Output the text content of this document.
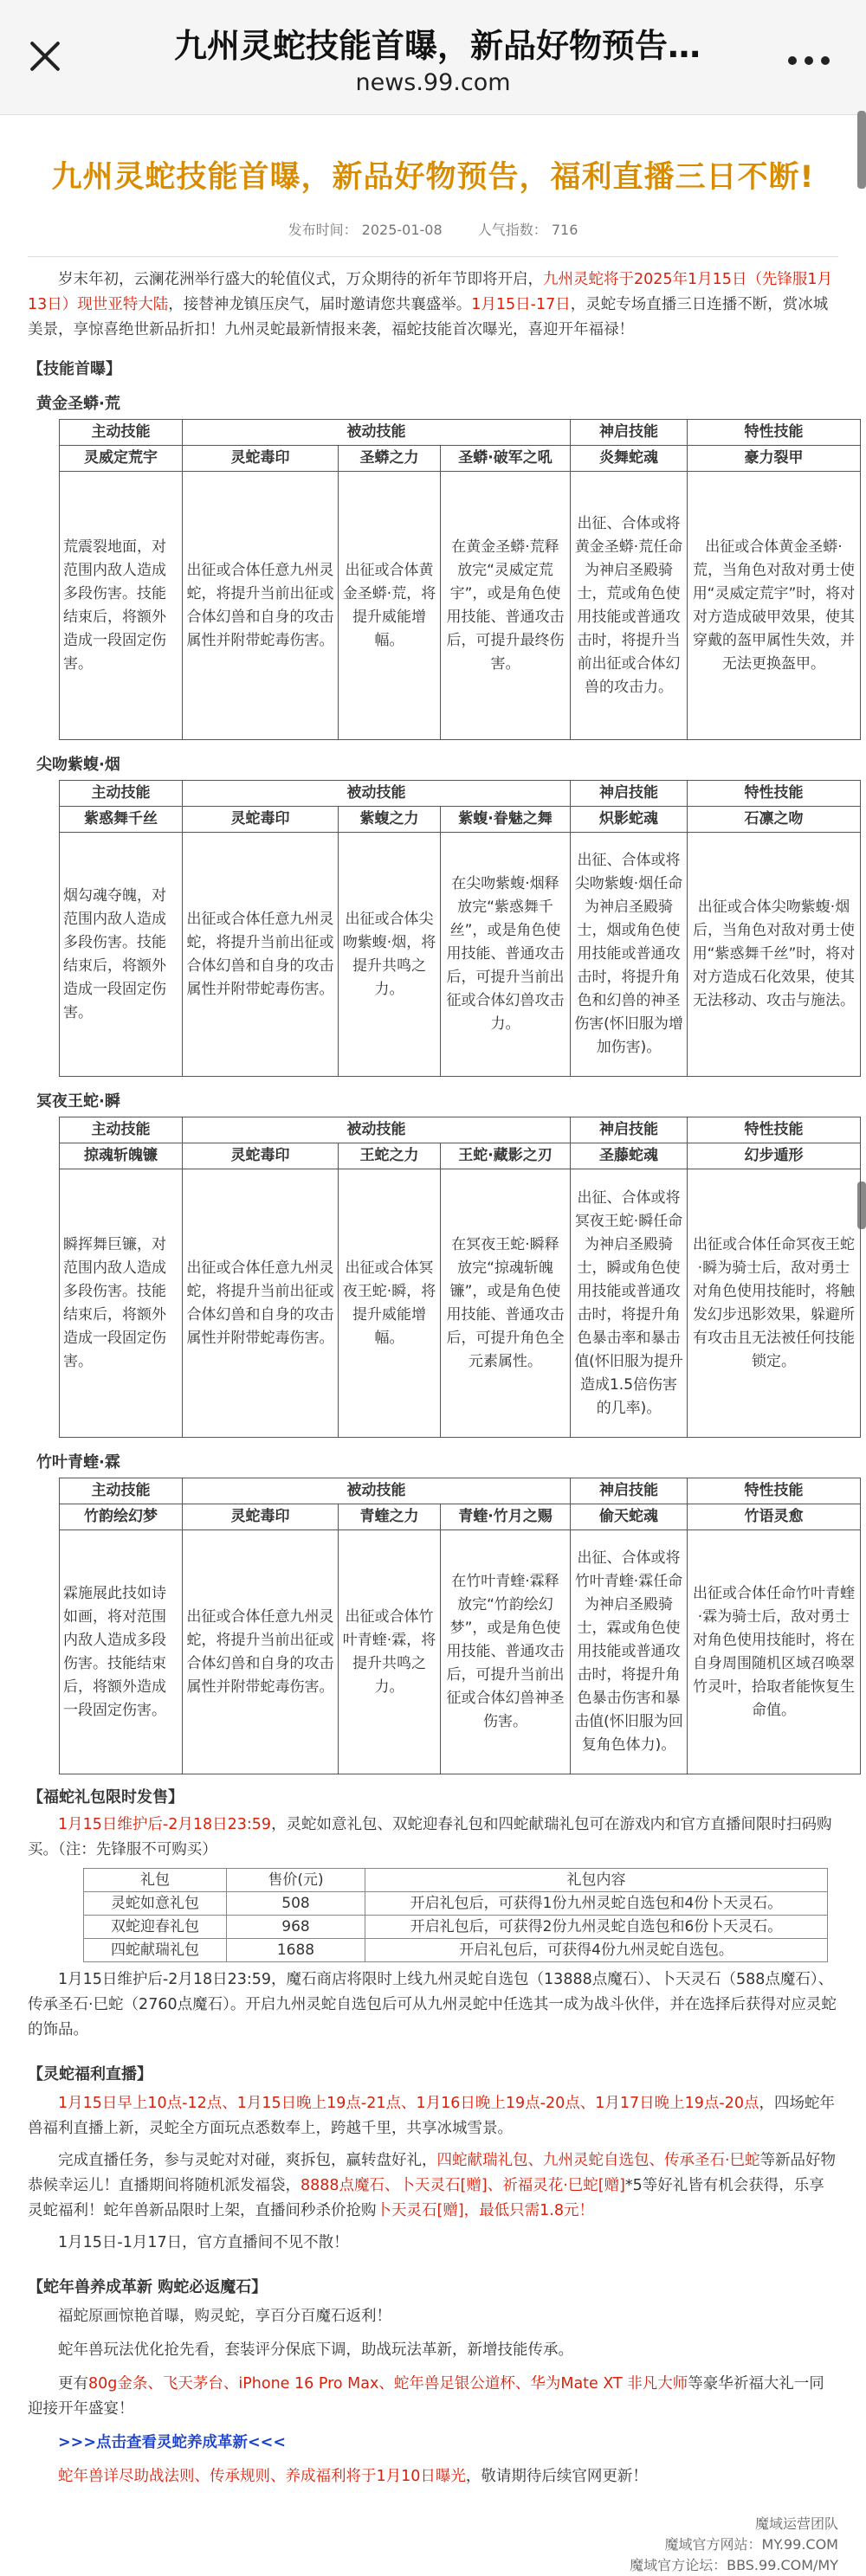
九州灵蛇技能首曝，新品好物预告…
news.99.com
九州灵蛇技能首曝，新品好物预告，福利直播三日不断!
发布时间： 2025-01-08	人气指数： 716

岁末年初，云澜花洲举行盛大的轮值仪式，万众期待的祈年节即将开启，九州灵蛇将于2025年1月15日（先锋服1月13日）现世亚特大陆，接替神龙镇压戾气，届时邀请您共襄盛举。1月15日-17日，灵蛇专场直播三日连播不断，赏冰城美景，享惊喜绝世新品折扣！九州灵蛇最新情报来袭，福蛇技能首次曝光，喜迎开年福禄！

【技能首曝】
黄金圣蟒·荒
主动技能	被动技能			神启技能	特性技能
灵威定荒宇	灵蛇毒印	圣蟒之力	圣蟒·破军之吼	炎舞蛇魂	豪力裂甲
荒震裂地面，对范围内敌人造成多段伤害。技能结束后，将额外造成一段固定伤害。	出征或合体任意九州灵蛇，将提升当前出征或合体幻兽和自身的攻击属性并附带蛇毒伤害。	出征或合体黄金圣蟒·荒，将提升威能增幅。	在黄金圣蟒·荒释放完“灵威定荒宇”，或是角色使用技能、普通攻击后，可提升最终伤害。	出征、合体或将黄金圣蟒·荒任命为神启圣殿骑士，荒或角色使用技能或普通攻击时，将提升当前出征或合体幻兽的攻击力。	出征或合体黄金圣蟒·荒，当角色对敌对勇士使用“灵威定荒宇”时，将对对方造成破甲效果，使其穿戴的盔甲属性失效，并无法更换盔甲。
尖吻紫蝮·烟
主动技能	被动技能			神启技能	特性技能
紫惑舞千丝	灵蛇毒印	紫蝮之力	紫蝮·眷魅之舞	炽影蛇魂	石凛之吻
烟勾魂夺魄，对范围内敌人造成多段伤害。技能结束后，将额外造成一段固定伤害。	出征或合体任意九州灵蛇，将提升当前出征或合体幻兽和自身的攻击属性并附带蛇毒伤害。	出征或合体尖吻紫蝮·烟，将提升共鸣之力。	在尖吻紫蝮·烟释放完“紫惑舞千丝”，或是角色使用技能、普通攻击后，可提升当前出征或合体幻兽攻击力。	出征、合体或将尖吻紫蝮·烟任命为神启圣殿骑士，烟或角色使用技能或普通攻击时，将提升角色和幻兽的神圣伤害(怀旧服为增加伤害)。	出征或合体尖吻紫蝮·烟后，当角色对敌对勇士使用“紫惑舞千丝”时，将对对方造成石化效果，使其无法移动、攻击与施法。
冥夜王蛇·瞬
主动技能	被动技能			神启技能	特性技能
掠魂斩魄镰	灵蛇毒印	王蛇之力	王蛇·藏影之刃	圣藤蛇魂	幻步遁形
瞬挥舞巨镰，对范围内敌人造成多段伤害。技能结束后，将额外造成一段固定伤害。	出征或合体任意九州灵蛇，将提升当前出征或合体幻兽和自身的攻击属性并附带蛇毒伤害。	出征或合体冥夜王蛇·瞬，将提升威能增幅。	在冥夜王蛇·瞬释放完“掠魂斩魄镰”，或是角色使用技能、普通攻击后，可提升角色全元素属性。	出征、合体或将冥夜王蛇·瞬任命为神启圣殿骑士，瞬或角色使用技能或普通攻击时，将提升角色暴击率和暴击值(怀旧服为提升造成1.5倍伤害的几率)。	出征或合体任命冥夜王蛇·瞬为骑士后，敌对勇士对角色使用技能时，将触发幻步迅影效果，躲避所有攻击且无法被任何技能锁定。
竹叶青蝰·霖
主动技能	被动技能			神启技能	特性技能
竹韵绘幻梦	灵蛇毒印	青蝰之力	青蝰·竹月之赐	偷天蛇魂	竹语灵愈
霖施展此技如诗如画，将对范围内敌人造成多段伤害。技能结束后，将额外造成一段固定伤害。	出征或合体任意九州灵蛇，将提升当前出征或合体幻兽和自身的攻击属性并附带蛇毒伤害。	出征或合体竹叶青蝰·霖，将提升共鸣之力。	在竹叶青蝰·霖释放完“竹韵绘幻梦”，或是角色使用技能、普通攻击后，可提升当前出征或合体幻兽神圣伤害。	出征、合体或将竹叶青蝰·霖任命为神启圣殿骑士，霖或角色使用技能或普通攻击时，将提升角色暴击伤害和暴击值(怀旧服为回复角色体力)。	出征或合体任命竹叶青蝰·霖为骑士后，敌对勇士对角色使用技能时，将在自身周围随机区域召唤翠竹灵叶，拾取者能恢复生命值。
【福蛇礼包限时发售】

1月15日维护后-2月18日23:59，灵蛇如意礼包、双蛇迎春礼包和四蛇献瑞礼包可在游戏内和官方直播间限时扫码购买。（注：先锋服不可购买）

礼包	售价(元)	礼包内容
灵蛇如意礼包	508	开启礼包后，可获得1份九州灵蛇自选包和4份卜天灵石。
双蛇迎春礼包	968	开启礼包后，可获得2份九州灵蛇自选包和6份卜天灵石。
四蛇献瑞礼包	1688	开启礼包后，可获得4份九州灵蛇自选包。

1月15日维护后-2月18日23:59，魔石商店将限时上线九州灵蛇自选包（13888点魔石）、卜天灵石（588点魔石）、传承圣石·巳蛇（2760点魔石）。开启九州灵蛇自选包后可从九州灵蛇中任选其一成为战斗伙伴，并在选择后获得对应灵蛇的饰品。

【灵蛇福利直播】

1月15日早上10点-12点、1月15日晚上19点-21点、1月16日晚上19点-20点、1月17日晚上19点-20点，四场蛇年兽福利直播上新，灵蛇全方面玩点悉数奉上，跨越千里，共享冰城雪景。

完成直播任务，参与灵蛇对对碰，爽拆包，赢转盘好礼，四蛇献瑞礼包、九州灵蛇自选包、传承圣石·巳蛇等新品好物恭候幸运儿！直播期间将随机派发福袋，8888点魔石、卜天灵石[赠]、祈福灵花·巳蛇[赠]*5等好礼皆有机会获得，乐享灵蛇福利！蛇年兽新品限时上架，直播间秒杀价抢购卜天灵石[赠]，最低只需1.8元！

1月15日-1月17日，官方直播间不见不散！

【蛇年兽养成革新 购蛇必返魔石】

福蛇原画惊艳首曝，购灵蛇，享百分百魔石返利！

蛇年兽玩法优化抢先看，套装评分保底下调，助战玩法革新，新增技能传承。

更有80g金条、飞天茅台、iPhone 16 Pro Max、蛇年兽足银公道杯、华为Mate XT 非凡大师等豪华祈福大礼一同迎接开年盛宴！

>>>点击查看灵蛇养成革新<<<

蛇年兽详尽助战法则、传承规则、养成福利将于1月10日曝光，敬请期待后续官网更新！

魔域运营团队
魔域官方网站：MY.99.COM
魔域官方论坛：BBS.99.COM/MY
